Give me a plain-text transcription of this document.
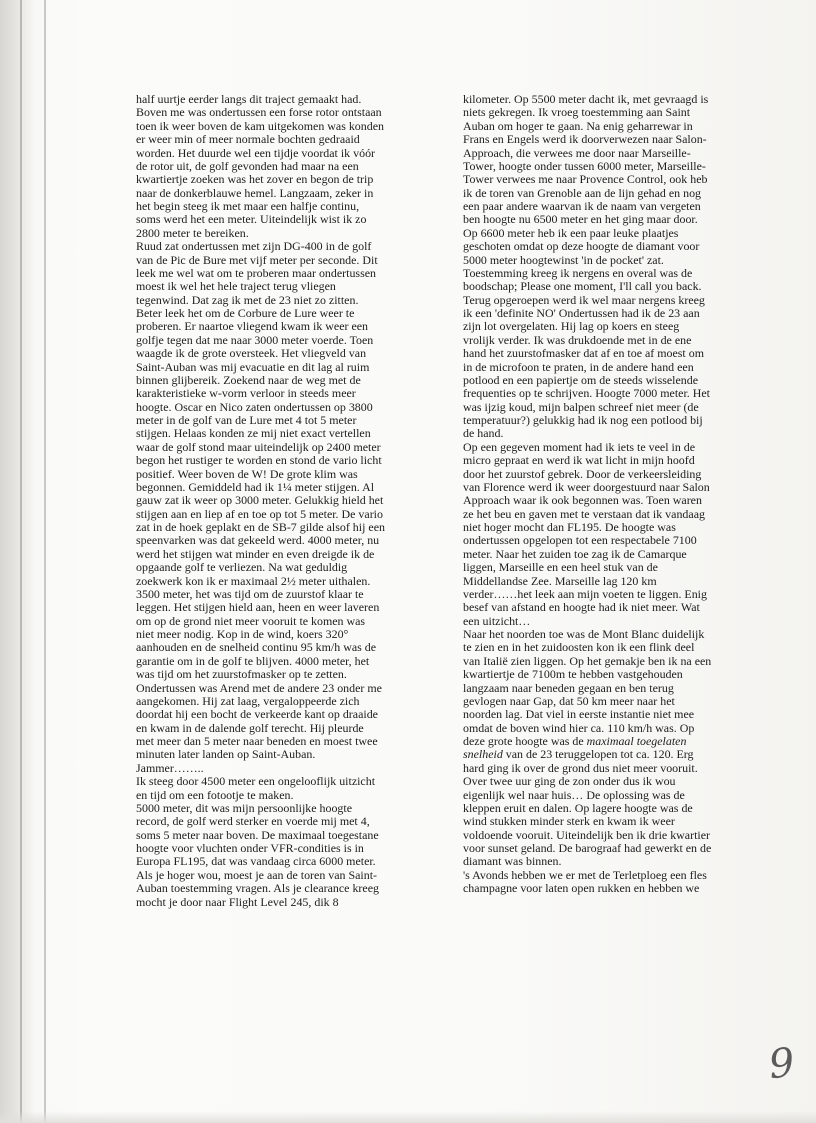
half uurtje eerder langs dit traject gemaakt had.
Boven me was ondertussen een forse rotor ontstaan
toen ik weer boven de kam uitgekomen was konden
er weer min of meer normale bochten gedraaid
worden. Het duurde wel een tijdje voordat ik vóór
de rotor uit, de golf gevonden had maar na een
kwartiertje zoeken was het zover en begon de trip
naar de donkerblauwe hemel. Langzaam, zeker in
het begin steeg ik met maar een halfje continu,
soms werd het een meter. Uiteindelijk wist ik zo
2800 meter te bereiken.
Ruud zat ondertussen met zijn DG-400 in de golf
van de Pic de Bure met vijf meter per seconde. Dit
leek me wel wat om te proberen maar ondertussen
moest ik wel het hele traject terug vliegen
tegenwind. Dat zag ik met de 23 niet zo zitten.
Beter leek het om de Corbure de Lure weer te
proberen. Er naartoe vliegend kwam ik weer een
golfje tegen dat me naar 3000 meter voerde. Toen
waagde ik de grote oversteek. Het vliegveld van
Saint-Auban was mij evacuatie en dit lag al ruim
binnen glijbereik. Zoekend naar de weg met de
karakteristieke w-vorm verloor in steeds meer
hoogte. Oscar en Nico zaten ondertussen op 3800
meter in de golf van de Lure met 4 tot 5 meter
stijgen. Helaas konden ze mij niet exact vertellen
waar de golf stond maar uiteindelijk op 2400 meter
begon het rustiger te worden en stond de vario licht
positief. Weer boven de W! De grote klim was
begonnen. Gemiddeld had ik 1¼ meter stijgen. Al
gauw zat ik weer op 3000 meter. Gelukkig hield het
stijgen aan en liep af en toe op tot 5 meter. De vario
zat in de hoek geplakt en de SB-7 gilde alsof hij een
speenvarken was dat gekeeld werd. 4000 meter, nu
werd het stijgen wat minder en even dreigde ik de
opgaande golf te verliezen. Na wat geduldig
zoekwerk kon ik er maximaal 2½ meter uithalen.
3500 meter, het was tijd om de zuurstof klaar te
leggen. Het stijgen hield aan, heen en weer laveren
om op de grond niet meer vooruit te komen was
niet meer nodig. Kop in de wind, koers 320°
aanhouden en de snelheid continu 95 km/h was de
garantie om in de golf te blijven. 4000 meter, het
was tijd om het zuurstofmasker op te zetten.
Ondertussen was Arend met de andere 23 onder me
aangekomen. Hij zat laag, vergaloppeerde zich
doordat hij een bocht de verkeerde kant op draaide
en kwam in de dalende golf terecht. Hij pleurde
met meer dan 5 meter naar beneden en moest twee
minuten later landen op Saint-Auban.
Jammer……..
Ik steeg door 4500 meter een ongelooflijk uitzicht
en tijd om een fotootje te maken.
5000 meter, dit was mijn persoonlijke hoogte
record, de golf werd sterker en voerde mij met 4,
soms 5 meter naar boven. De maximaal toegestane
hoogte voor vluchten onder VFR-condities is in
Europa FL195, dat was vandaag circa 6000 meter.
Als je hoger wou, moest je aan de toren van Saint-
Auban toestemming vragen. Als je clearance kreeg
mocht je door naar Flight Level 245, dik 8
kilometer. Op 5500 meter dacht ik, met gevraagd is
niets gekregen. Ik vroeg toestemming aan Saint
Auban om hoger te gaan. Na enig geharrewar in
Frans en Engels werd ik doorverwezen naar Salon-
Approach, die verwees me door naar Marseille-
Tower, hoogte onder tussen 6000 meter, Marseille-
Tower verwees me naar Provence Control, ook heb
ik de toren van Grenoble aan de lijn gehad en nog
een paar andere waarvan ik de naam van vergeten
ben hoogte nu 6500 meter en het ging maar door.
Op 6600 meter heb ik een paar leuke plaatjes
geschoten omdat op deze hoogte de diamant voor
5000 meter hoogtewinst 'in de pocket' zat.
Toestemming kreeg ik nergens en overal was de
boodschap; Please one moment, I'll call you back.
Terug opgeroepen werd ik wel maar nergens kreeg
ik een 'definite NO' Ondertussen had ik de 23 aan
zijn lot overgelaten. Hij lag op koers en steeg
vrolijk verder. Ik was drukdoende met in de ene
hand het zuurstofmasker dat af en toe af moest om
in de microfoon te praten, in de andere hand een
potlood en een papiertje om de steeds wisselende
frequenties op te schrijven. Hoogte 7000 meter. Het
was ijzig koud, mijn balpen schreef niet meer (de
temperatuur?) gelukkig had ik nog een potlood bij
de hand.
Op een gegeven moment had ik iets te veel in de
micro gepraat en werd ik wat licht in mijn hoofd
door het zuurstof gebrek. Door de verkeersleiding
van Florence werd ik weer doorgestuurd naar Salon
Approach waar ik ook begonnen was. Toen waren
ze het beu en gaven met te verstaan dat ik vandaag
niet hoger mocht dan FL195. De hoogte was
ondertussen opgelopen tot een respectabele 7100
meter. Naar het zuiden toe zag ik de Camarque
liggen, Marseille en een heel stuk van de
Middellandse Zee. Marseille lag 120 km
verder……het leek aan mijn voeten te liggen. Enig
besef van afstand en hoogte had ik niet meer. Wat
een uitzicht…
Naar het noorden toe was de Mont Blanc duidelijk
te zien en in het zuidoosten kon ik een flink deel
van Italië zien liggen. Op het gemakje ben ik na een
kwartiertje de 7100m te hebben vastgehouden
langzaam naar beneden gegaan en ben terug
gevlogen naar Gap, dat 50 km meer naar het
noorden lag. Dat viel in eerste instantie niet mee
omdat de boven wind hier ca. 110 km/h was. Op
deze grote hoogte was de maximaal toegelaten
snelheid van de 23 teruggelopen tot ca. 120. Erg
hard ging ik over de grond dus niet meer vooruit.
Over twee uur ging de zon onder dus ik wou
eigenlijk wel naar huis… De oplossing was de
kleppen eruit en dalen. Op lagere hoogte was de
wind stukken minder sterk en kwam ik weer
voldoende vooruit. Uiteindelijk ben ik drie kwartier
voor sunset geland. De barograaf had gewerkt en de
diamant was binnen.
's Avonds hebben we er met de Terletploeg een fles
champagne voor laten open rukken en hebben we
9
